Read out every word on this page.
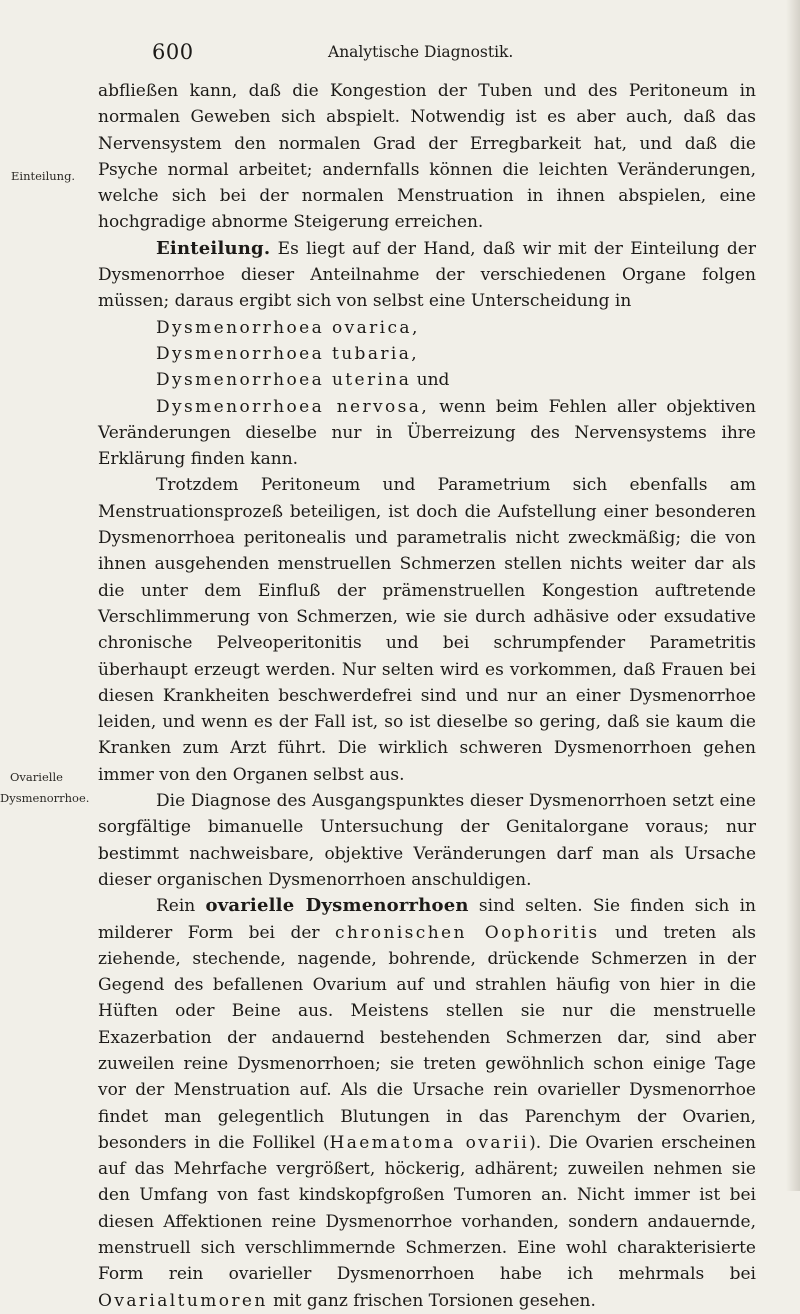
600	Analytische Diagnostik.
Einteilung.
Ovarielle
Dysmenorrhoe.

abfließen kann, daß die Kongestion der Tuben und des Peritoneum in normalen Geweben sich abspielt. Notwendig ist es aber auch, daß das Nervensystem den normalen Grad der Erregbarkeit hat, und daß die Psyche normal arbeitet; andernfalls können die leichten Veränderungen, welche sich bei der normalen Menstruation in ihnen abspielen, eine hochgradige abnorme Steigerung erreichen.

Einteilung. Es liegt auf der Hand, daß wir mit der Einteilung der Dysmenorrhoe dieser Anteilnahme der verschiedenen Organe folgen müssen; daraus ergibt sich von selbst eine Unterscheidung in

Dysmenorrhoea ovarica,

Dysmenorrhoea tubaria,

Dysmenorrhoea uterina und

Dysmenorrhoea nervosa, wenn beim Fehlen aller objektiven Veränderungen dieselbe nur in Überreizung des Nervensystems ihre Erklärung finden kann.

Trotzdem Peritoneum und Parametrium sich ebenfalls am Menstruationsprozeß beteiligen, ist doch die Aufstellung einer besonderen Dysmenorrhoea peritonealis und parametralis nicht zweckmäßig; die von ihnen ausgehenden menstruellen Schmerzen stellen nichts weiter dar als die unter dem Einfluß der prämenstruellen Kongestion auftretende Verschlimmerung von Schmerzen, wie sie durch adhäsive oder exsudative chronische Pelveoperitonitis und bei schrumpfender Parametritis überhaupt erzeugt werden. Nur selten wird es vorkommen, daß Frauen bei diesen Krankheiten beschwerdefrei sind und nur an einer Dysmenorrhoe leiden, und wenn es der Fall ist, so ist dieselbe so gering, daß sie kaum die Kranken zum Arzt führt. Die wirklich schweren Dysmenorrhoen gehen immer von den Organen selbst aus.

Die Diagnose des Ausgangspunktes dieser Dysmenorrhoen setzt eine sorgfältige bimanuelle Untersuchung der Genitalorgane voraus; nur bestimmt nachweisbare, objektive Veränderungen darf man als Ursache dieser organischen Dysmenorrhoen anschuldigen.

Rein ovarielle Dysmenorrhoen sind selten. Sie finden sich in milderer Form bei der chronischen Oophoritis und treten als ziehende, stechende, nagende, bohrende, drückende Schmerzen in der Gegend des befallenen Ovarium auf und strahlen häufig von hier in die Hüften oder Beine aus. Meistens stellen sie nur die menstruelle Exazerbation der andauernd bestehenden Schmerzen dar, sind aber zuweilen reine Dysmenorrhoen; sie treten gewöhnlich schon einige Tage vor der Menstruation auf. Als die Ursache rein ovarieller Dysmenorrhoe findet man gelegentlich Blutungen in das Parenchym der Ovarien, besonders in die Follikel (Haematoma ovarii). Die Ovarien erscheinen auf das Mehrfache vergrößert, höckerig, adhärent; zuweilen nehmen sie den Umfang von fast kindskopfgroßen Tumoren an. Nicht immer ist bei diesen Affektionen reine Dysmenorrhoe vorhanden, sondern andauernde, menstruell sich verschlimmernde Schmerzen. Eine wohl charakterisierte Form rein ovarieller Dysmenorrhoen habe ich mehrmals bei Ovarialtumoren mit ganz frischen Torsionen gesehen.
